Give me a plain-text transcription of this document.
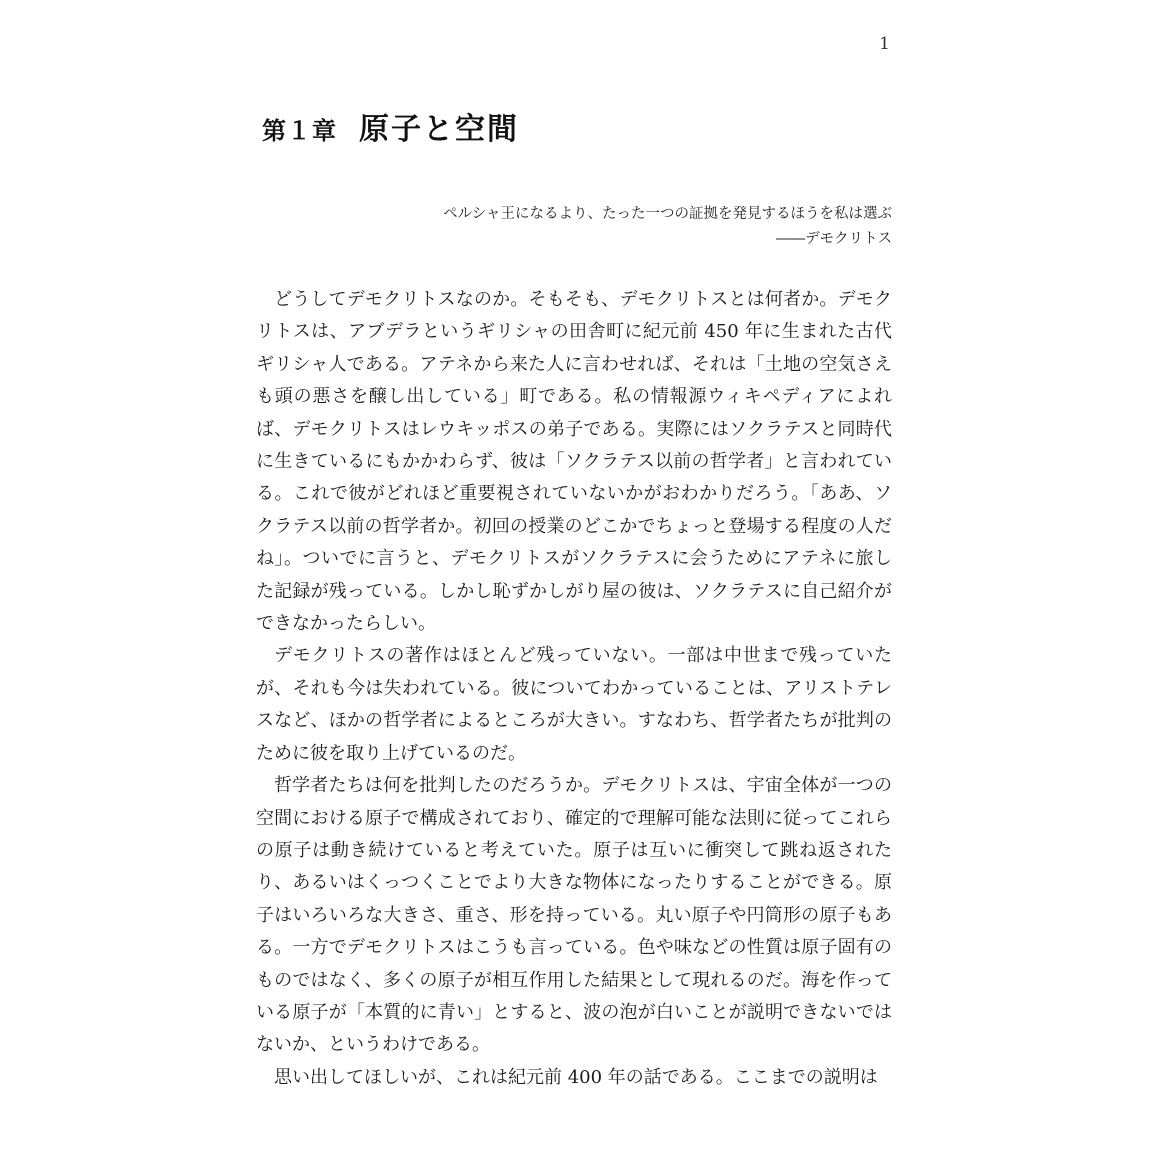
1
第１章 原子と空間
ペルシャ王になるより、たった一つの証拠を発見するほうを私は選ぶ
――デモクリトス

どうしてデモクリトスなのか。そもそも、デモクリトスとは何者か。デモクリトスは、アブデラというギリシャの田舎町に紀元前 450 年に生まれた古代ギリシャ人である。アテネから来た人に言わせれば、それは「土地の空気さえも頭の悪さを醸し出している」町である。私の情報源ウィキペディアによれば、デモクリトスはレウキッポスの弟子である。実際にはソクラテスと同時代に生きているにもかかわらず、彼は「ソクラテス以前の哲学者」と言われている。これで彼がどれほど重要視されていないかがおわかりだろう。「ああ、ソクラテス以前の哲学者か。初回の授業のどこかでちょっと登場する程度の人だね」。ついでに言うと、デモクリトスがソクラテスに会うためにアテネに旅した記録が残っている。しかし恥ずかしがり屋の彼は、ソクラテスに自己紹介ができなかったらしい。

デモクリトスの著作はほとんど残っていない。一部は中世まで残っていたが、それも今は失われている。彼についてわかっていることは、アリストテレスなど、ほかの哲学者によるところが大きい。すなわち、哲学者たちが批判のために彼を取り上げているのだ。

哲学者たちは何を批判したのだろうか。デモクリトスは、宇宙全体が一つの空間における原子で構成されており、確定的で理解可能な法則に従ってこれらの原子は動き続けていると考えていた。原子は互いに衝突して跳ね返されたり、あるいはくっつくことでより大きな物体になったりすることができる。原子はいろいろな大きさ、重さ、形を持っている。丸い原子や円筒形の原子もある。一方でデモクリトスはこうも言っている。色や味などの性質は原子固有のものではなく、多くの原子が相互作用した結果として現れるのだ。海を作っている原子が「本質的に青い」とすると、波の泡が白いことが説明できないではないか、というわけである。

思い出してほしいが、これは紀元前 400 年の話である。ここまでの説明は
